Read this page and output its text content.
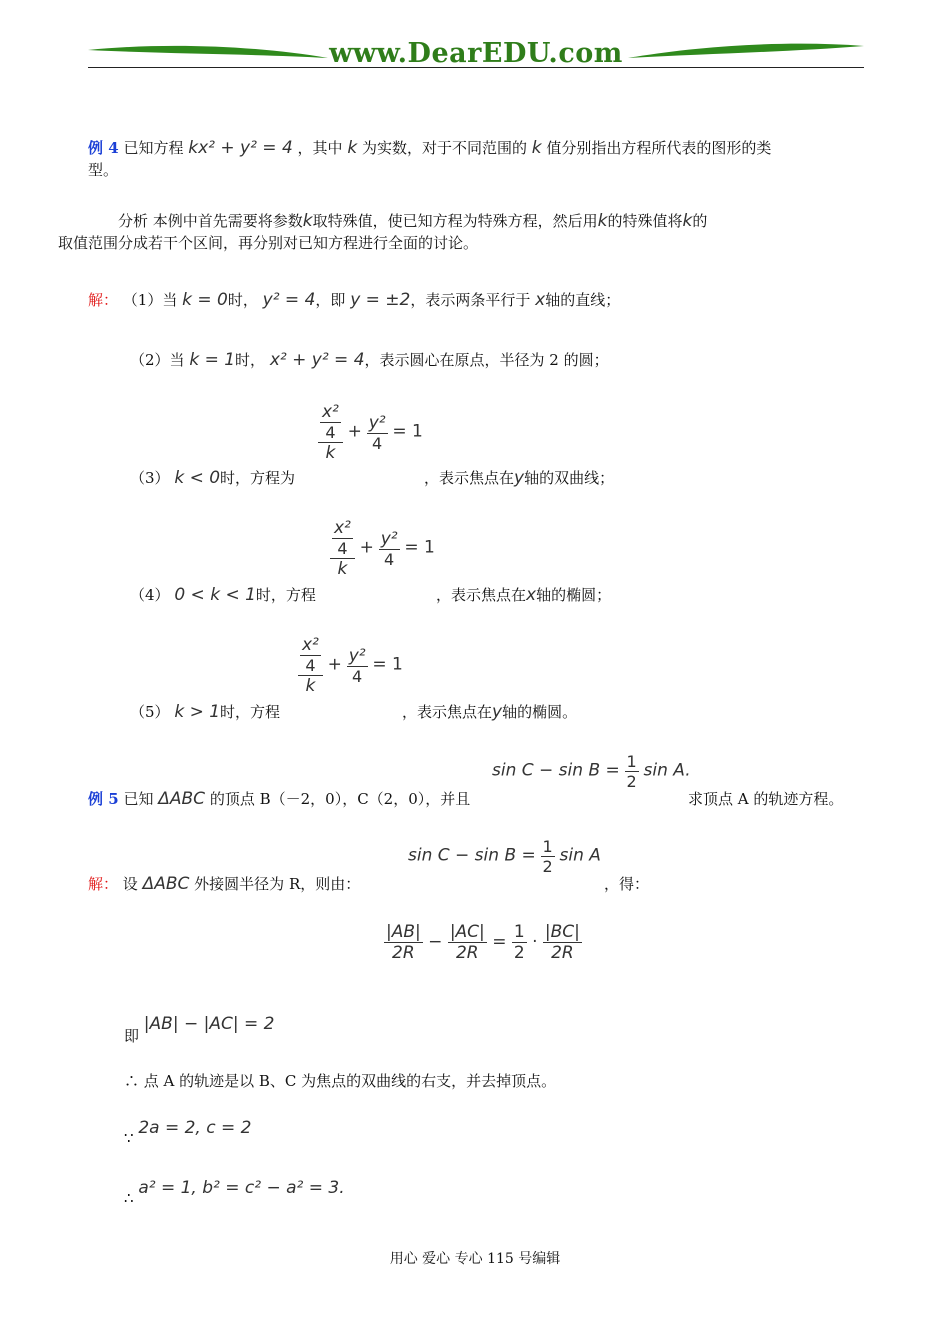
www.DearEDU.com
例 4 已知方程 kx² + y² = 4 ，其中 k 为实数，对于不同范围的 k 值分别指出方程所代表的图形的类
型。
分析 本例中首先需要将参数k取特殊值，使已知方程为特殊方程，然后用k的特殊值将k的
取值范围分成若干个区间，再分别对已知方程进行全面的讨论。
解： （1）当 k = 0时， y² = 4，即 y = ±2，表示两条平行于 x轴的直线；
（2）当 k = 1时， x² + y² = 4，表示圆心在原点，半径为 2 的圆；
$\frac{\frac{\text{x²}}{4}}{k} + \frac{\text{y²}}{4} = 1$
（3） k < 0时，方程为	，表示焦点在y轴的双曲线；
$\frac{\frac{\text{x²}}{4}}{k} + \frac{\text{y²}}{4} = 1$
（4） 0 < k < 1时，方程	，表示焦点在x轴的椭圆；
$\frac{\frac{\text{x²}}{4}}{k} + \frac{\text{y²}}{4} = 1$
（5） k > 1时，方程	，表示焦点在y轴的椭圆。
$\sin C - \sin B = \frac{1}{2}$ sin A.
例 5 已知 ΔABC 的顶点 B（－2，0），C（2，0），并且	求顶点 A 的轨迹方程。
$\sin C - \sin B = \frac{1}{2}$ sin A
解： 设 ΔABC 外接圆半径为 R，则由：	，得：
$\frac{|AB|}{2R} - \frac{|AC|}{2R} = \frac{1}{2} \cdot \frac{|BC|}{2R}$
即 |AB| − |AC| = 2
∴ 点 A 的轨迹是以 B、C 为焦点的双曲线的右支，并去掉顶点。
∵ 2a = 2, c = 2
∴ a² = 1, b² = c² − a² = 3.
用心 爱心 专心 115 号编辑
